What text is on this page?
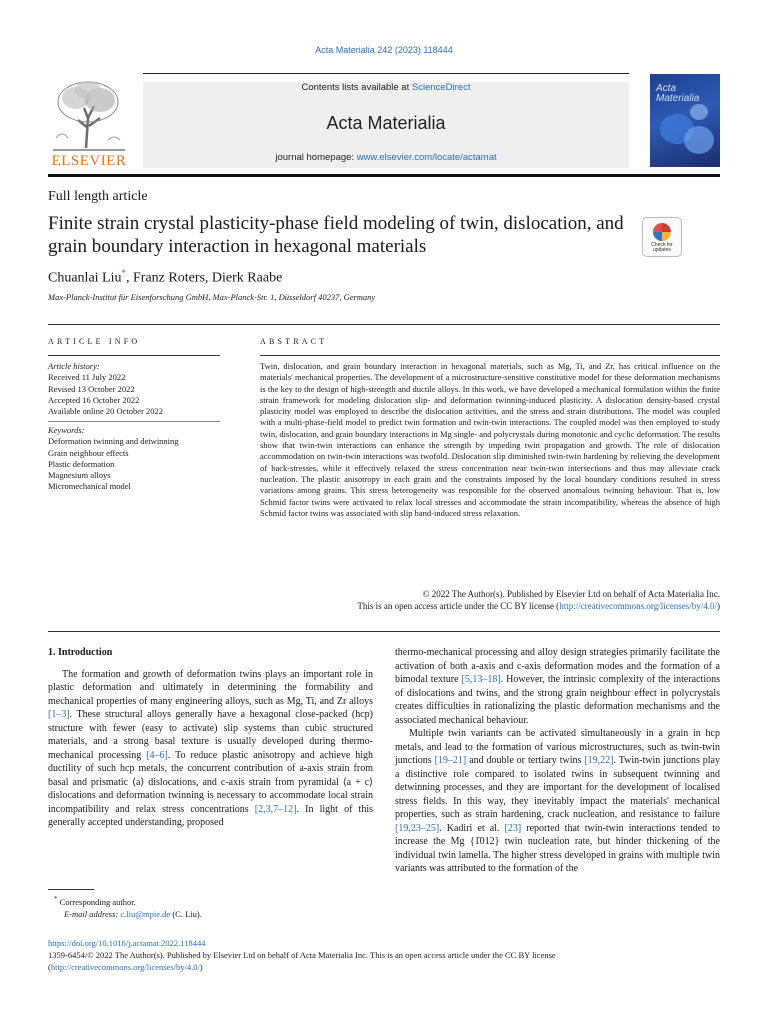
Acta Materialia 242 (2023) 118444
ELSEVIER
Contents lists available at ScienceDirect
Acta Materialia
journal homepage: www.elsevier.com/locate/actamat
Acta
Materialia
Full length article
Finite strain crystal plasticity-phase field modeling of twin, dislocation, and grain boundary interaction in hexagonal materials	Check for updates
Chuanlai Liu*, Franz Roters, Dierk Raabe
Max-Planck-Institut für Eisenforschung GmbH, Max-Planck-Str. 1, Düsseldorf 40237, Germany
ARTICLE INFO
Article history:
Received 11 July 2022
Revised 13 October 2022
Accepted 16 October 2022
Available online 20 October 2022
Keywords:
Deformation twinning and detwinning
Grain neighbour effects
Plastic deformation
Magnesium alloys
Micromechanical model
ABSTRACT
Twin, dislocation, and grain boundary interaction in hexagonal materials, such as Mg, Ti, and Zr, has critical influence on the materials' mechanical properties. The development of a microstructure-sensitive constitutive model for these deformation mechanisms is the key to the design of high-strength and ductile alloys. In this work, we have developed a mechanical formulation within the finite strain framework for modeling dislocation slip- and deformation twinning-induced plasticity. A dislocation density-based crystal plasticity model was employed to describe the dislocation activities, and the stress and strain distributions. The model was coupled with a multi-phase-field model to predict twin formation and twin-twin interactions. The coupled model was then employed to study twin, dislocation, and grain boundary interactions in Mg single- and polycrystals during monotonic and cyclic deformation. The results show that twin-twin interactions can enhance the strength by impeding twin propagation and growth. The role of dislocation accommodation on twin-twin interactions was twofold. Dislocation slip diminished twin-twin hardening by relieving the development of back-stresses, while it effectively relaxed the stress concentration near twin-twin intersections and thus may alleviate crack nucleation. The plastic anisotropy in each grain and the constraints imposed by the local boundary conditions resulted in stress variations among grains. This stress heterogeneity was responsible for the observed anomalous twinning behaviour. That is, low Schmid factor twins were activated to relax local stresses and accommodate the strain incompatibility, whereas the absence of high Schmid factor twins was associated with slip band-induced stress relaxation.
© 2022 The Author(s). Published by Elsevier Ltd on behalf of Acta Materialia Inc.
This is an open access article under the CC BY license (http://creativecommons.org/licenses/by/4.0/)
1. Introduction

The formation and growth of deformation twins plays an important role in plastic deformation and ultimately in determining the formability and mechanical properties of many engineering alloys, such as Mg, Ti, and Zr alloys [1–3]. These structural alloys generally have a hexagonal close-packed (hcp) structure with fewer (easy to activate) slip systems than cubic structured materials, and a strong basal texture is usually developed during thermo-mechanical processing [4–6]. To reduce plastic anisotropy and achieve high ductility of such hcp metals, the concurrent contribution of a-axis strain from basal and prismatic ⟨a⟩ dislocations, and c-axis strain from pyramidal ⟨a + c⟩ dislocations and deformation twinning is necessary to accommodate local strain incompatibility and relax stress concentrations [2,3,7–12]. In light of this generally accepted understanding, proposed

* Corresponding author.
E-mail address: c.liu@mpie.de (C. Liu).

thermo-mechanical processing and alloy design strategies primarily facilitate the activation of both a-axis and c-axis deformation modes and the formation of a bimodal texture [5,13–18]. However, the intrinsic complexity of the interactions of dislocations and twins, and the strong grain neighbour effect in polycrystals creates difficulties in rationalizing the plastic deformation mechanisms and the associated mechanical behaviour.

Multiple twin variants can be activated simultaneously in a grain in hcp metals, and lead to the formation of various microstructures, such as twin-twin junctions [19–21] and double or tertiary twins [19,22]. Twin-twin junctions play a distinctive role compared to isolated twins in subsequent twinning and detwinning processes, and they are important for the development of localised stress fields. In this way, they inevitably impact the materials' mechanical properties, such as strain hardening, crack nucleation, and resistance to failure [19,23–25]. Kadiri et al. [23] reported that twin-twin interactions tended to increase the Mg {1̄012} twin nucleation rate, but hinder thickening of the individual twin lamella. The higher stress developed in grains with multiple twin variants was attributed to the formation of the

https://doi.org/10.1016/j.actamat.2022.118444
1359-6454/© 2022 The Author(s). Published by Elsevier Ltd on behalf of Acta Materialia Inc. This is an open access article under the CC BY license
(http://creativecommons.org/licenses/by/4.0/)
